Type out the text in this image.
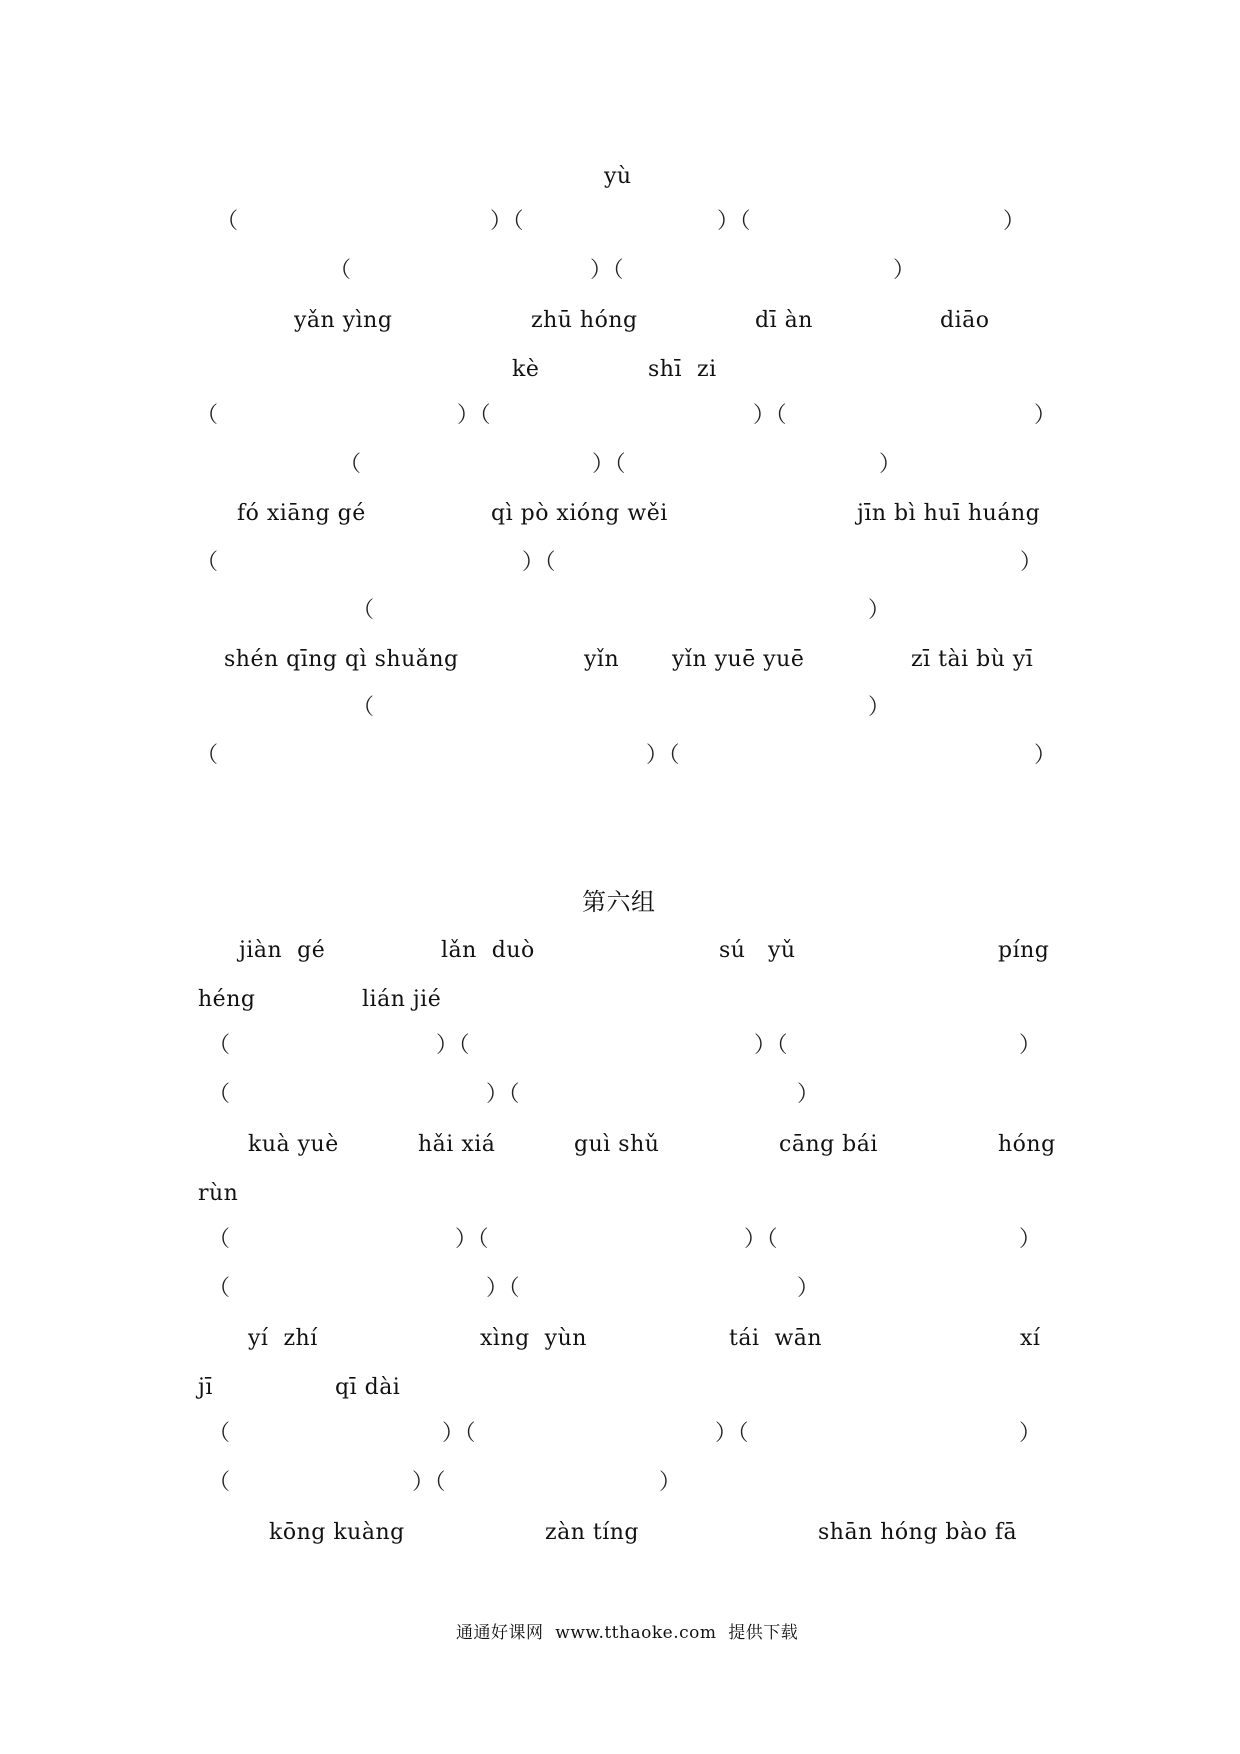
yù
（	）（	）（	）
（	）（	）
yǎn yìng	zhū hóng	dī àn	diāo
kè	shī  zi
（	）（	）（	）
（	）（	）
fó xiāng gé	qì pò xióng wěi	jīn bì huī huáng
（	）（	）
（	）
shén qīng qì shuǎng	yǐn yǐn yuē yuē	zī tài bù yī
（	）
（	）（	）
第六组
jiàn  gé	lǎn  duò	sú   yǔ	píng
héng	lián jié
（	）（	）（	）
（	）（	）
kuà yuè	hǎi xiá	guì shǔ	cāng bái	hóng
rùn
（	）（	）（	）
（	）（	）
yí  zhí	xìng  yùn	tái  wān	xí
jī	qī dài
（	）（	）（	）
（	）（	）
kōng kuàng	zàn tíng	shān hóng bào fā
通通好课网  www.tthaoke.com  提供下载
